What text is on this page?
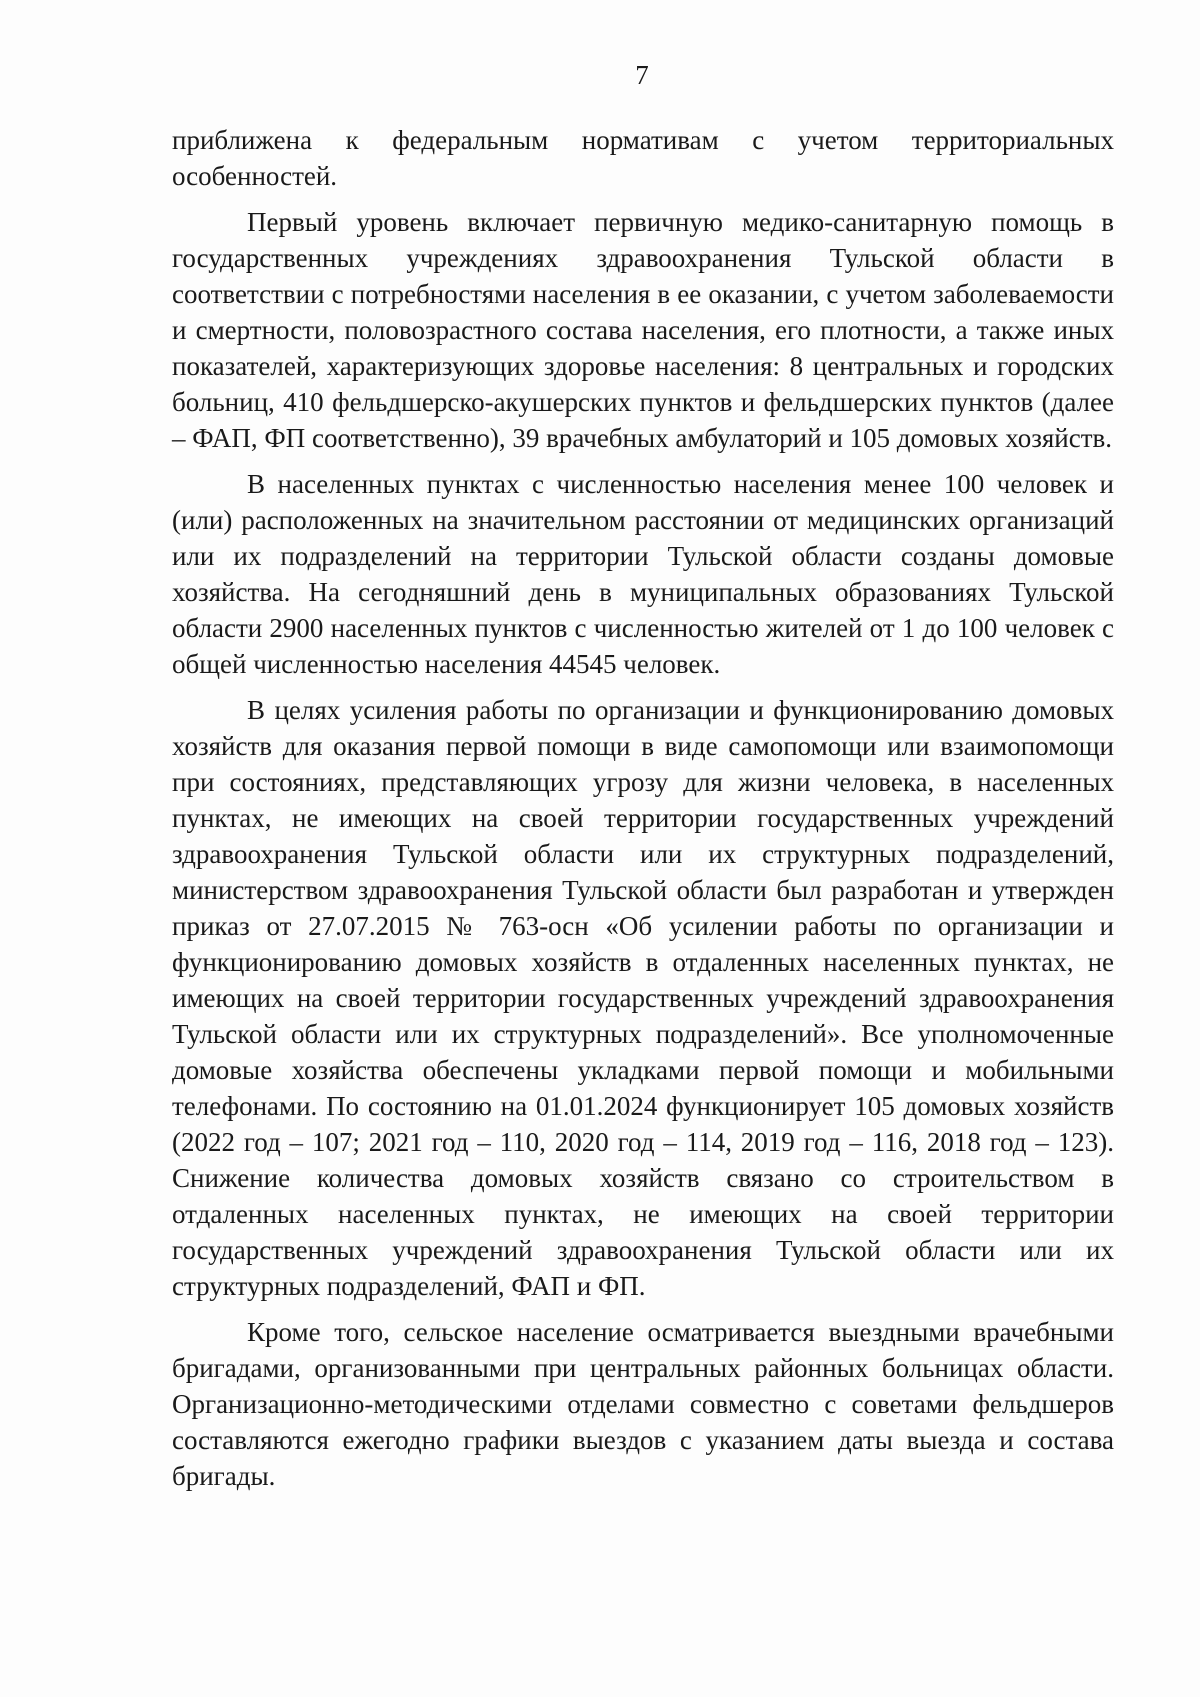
7

приближена к федеральным нормативам с учетом территориальных особенностей.

Первый уровень включает первичную медико-санитарную помощь в государственных учреждениях здравоохранения Тульской области в соответствии с потребностями населения в ее оказании, с учетом заболеваемости и смертности, половозрастного состава населения, его плотности, а также иных показателей, характеризующих здоровье населения: 8 центральных и городских больниц, 410 фельдшерско-акушерских пунктов и фельдшерских пунктов (далее – ФАП, ФП соответственно), 39 врачебных амбулаторий и 105 домовых хозяйств.

В населенных пунктах с численностью населения менее 100 человек и (или) расположенных на значительном расстоянии от медицинских организаций или их подразделений на территории Тульской области созданы домовые хозяйства. На сегодняшний день в муниципальных образованиях Тульской области 2900 населенных пунктов с численностью жителей от 1 до 100 человек с общей численностью населения 44545 человек.

В целях усиления работы по организации и функционированию домовых хозяйств для оказания первой помощи в виде самопомощи или взаимопомощи при состояниях, представляющих угрозу для жизни человека, в населенных пунктах, не имеющих на своей территории государственных учреждений здравоохранения Тульской области или их структурных подразделений, министерством здравоохранения Тульской области был разработан и утвержден приказ от 27.07.2015 № 763-осн «Об усилении работы по организации и функционированию домовых хозяйств в отдаленных населенных пунктах, не имеющих на своей территории государственных учреждений здравоохранения Тульской области или их структурных подразделений». Все уполномоченные домовые хозяйства обеспечены укладками первой помощи и мобильными телефонами. По состоянию на 01.01.2024 функционирует 105 домовых хозяйств (2022 год – 107; 2021 год – 110, 2020 год – 114, 2019 год – 116, 2018 год – 123). Снижение количества домовых хозяйств связано со строительством в отдаленных населенных пунктах, не имеющих на своей территории государственных учреждений здравоохранения Тульской области или их структурных подразделений, ФАП и ФП.

Кроме того, сельское население осматривается выездными врачебными бригадами, организованными при центральных районных больницах области. Организационно-методическими отделами совместно с советами фельдшеров составляются ежегодно графики выездов с указанием даты выезда и состава бригады.
